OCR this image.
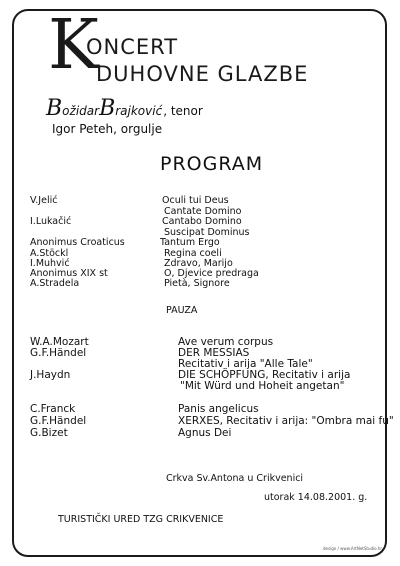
K
ONCERT
DUHOVNE GLAZBE
B ožidar B rajković , tenor
Igor Peteh, orgulje
PROGRAM
V.Jelić	Oculi tui Deus
Cantate Domino
I.Lukačić	Cantabo Domino
Suscipat Dominus
Anonimus Croaticus	Tantum Ergo
A.Stöckl	Regina coeli
I.Muhvić	Zdravo, Marijo
Anonimus XIX st	O, Djevice predraga
A.Stradela	Pietà, Signore
PAUZA
W.A.Mozart	Ave verum corpus
G.F.Händel	DER MESSIAS
Recitativ i arija "Alle Tale"
J.Haydn	DIE SCHÖPFUNG, Recitativ i arija
"Mit Würd und Hoheit angetan"
C.Franck	Panis angelicus
G.F.Händel	XERXES, Recitativ i arija: "Ombra mai fu"
G.Bizet	Agnus Dei
Crkva Sv.Antona u Crikvenici
utorak 14.08.2001. g.
TURISTIČKI URED TZG CRIKVENICE
design / www.ArtNetStudio.hr
